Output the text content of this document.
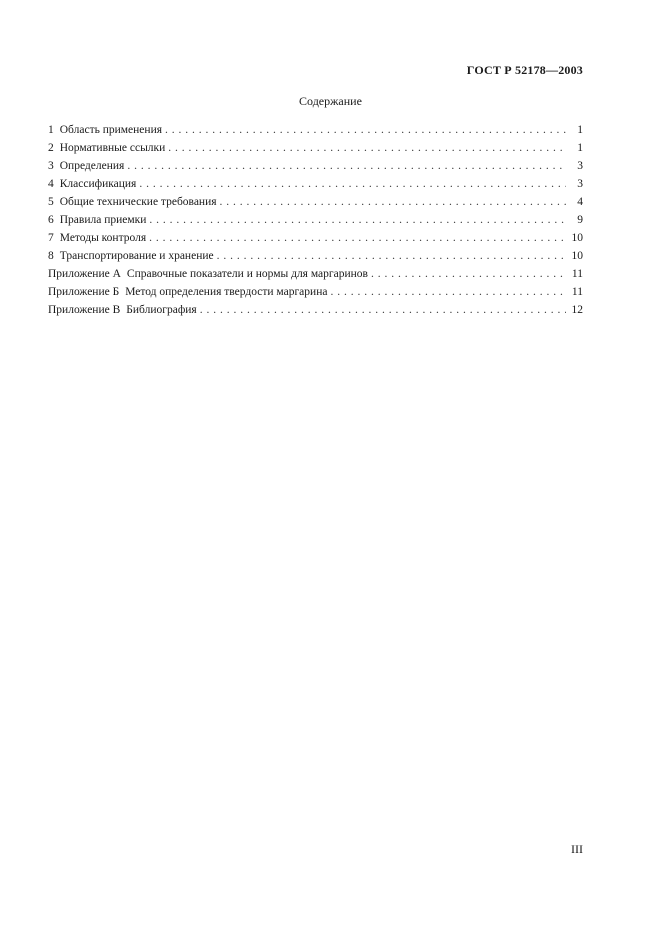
ГОСТ Р 52178—2003
Содержание
1 Область применения . . .	1
2 Нормативные ссылки . . .	1
3 Определения . . .	3
4 Классификация . . .	3
5 Общие технические требования . . .	4
6 Правила приемки . . .	9
7 Методы контроля . . .	10
8 Транспортирование и хранение . . .	10
Приложение А Справочные показатели и нормы для маргаринов . . .	11
Приложение Б Метод определения твердости маргарина . . .	11
Приложение В Библиография . . .	12
III
